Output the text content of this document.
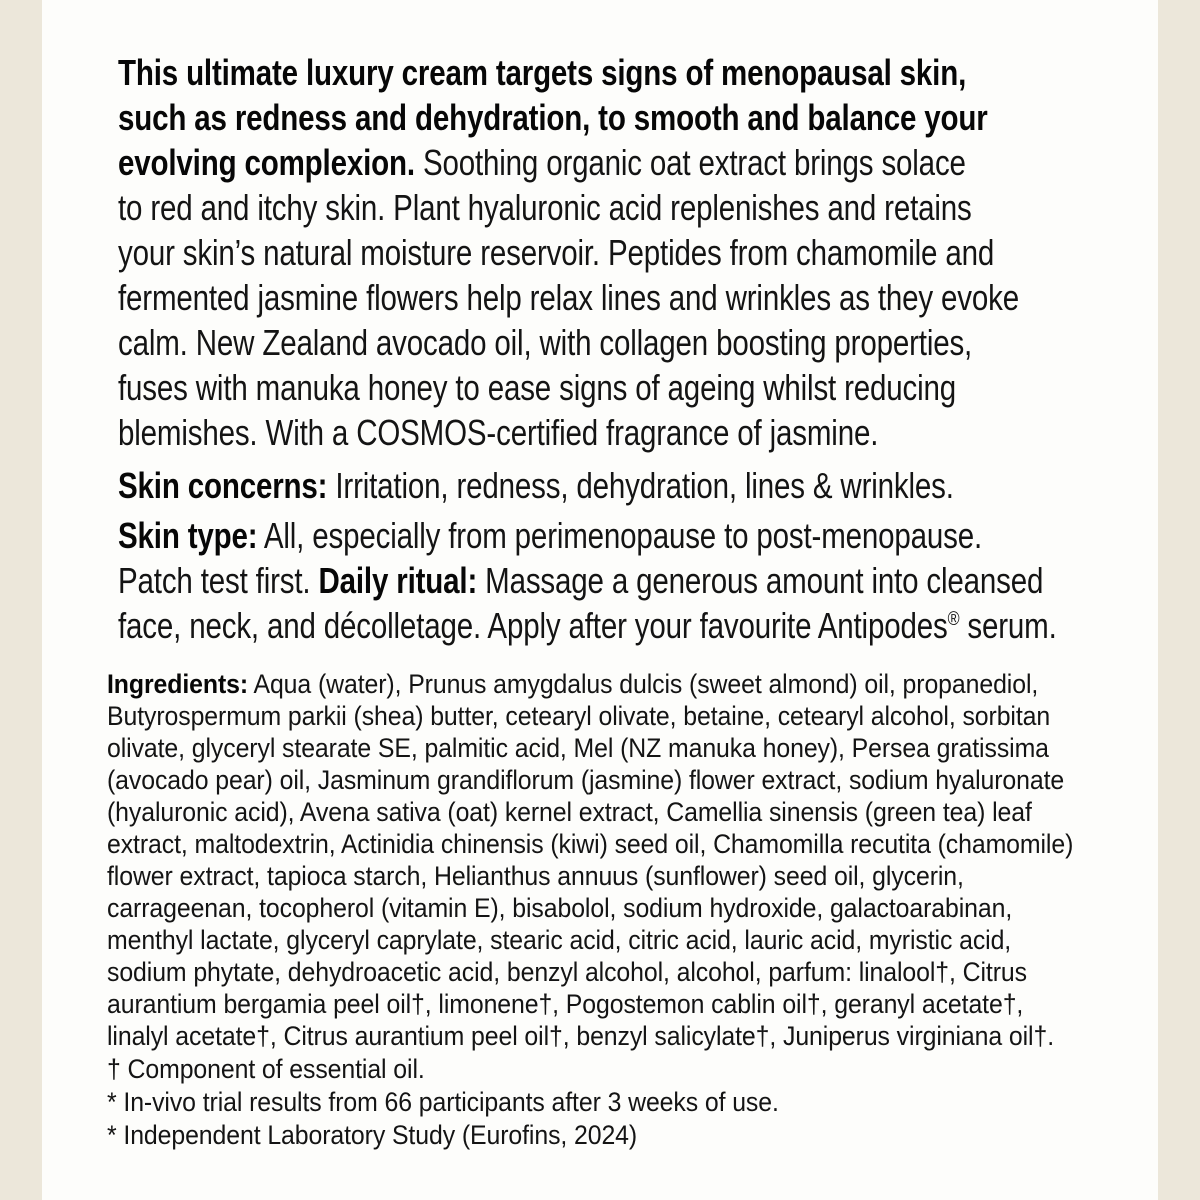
This ultimate luxury cream targets signs of menopausal skin,
such as redness and dehydration, to smooth and balance your
evolving complexion. Soothing organic oat extract brings solace
to red and itchy skin. Plant hyaluronic acid replenishes and retains
your skin’s natural moisture reservoir. Peptides from chamomile and
fermented jasmine flowers help relax lines and wrinkles as they evoke
calm. New Zealand avocado oil, with collagen boosting properties,
fuses with manuka honey to ease signs of ageing whilst reducing
blemishes. With a COSMOS-certified fragrance of jasmine.
Skin concerns: Irritation, redness, dehydration, lines & wrinkles.
Skin type: All, especially from perimenopause to post-menopause.
Patch test first. Daily ritual: Massage a generous amount into cleansed
face, neck, and décolletage. Apply after your favourite Antipodes® serum.
Ingredients: Aqua (water), Prunus amygdalus dulcis (sweet almond) oil, propanediol,
Butyrospermum parkii (shea) butter, cetearyl olivate, betaine, cetearyl alcohol, sorbitan
olivate, glyceryl stearate SE, palmitic acid, Mel (NZ manuka honey), Persea gratissima
(avocado pear) oil, Jasminum grandiflorum (jasmine) flower extract, sodium hyaluronate
(hyaluronic acid), Avena sativa (oat) kernel extract, Camellia sinensis (green tea) leaf
extract, maltodextrin, Actinidia chinensis (kiwi) seed oil, Chamomilla recutita (chamomile)
flower extract, tapioca starch, Helianthus annuus (sunflower) seed oil, glycerin,
carrageenan, tocopherol (vitamin E), bisabolol, sodium hydroxide, galactoarabinan,
menthyl lactate, glyceryl caprylate, stearic acid, citric acid, lauric acid, myristic acid,
sodium phytate, dehydroacetic acid, benzyl alcohol, alcohol, parfum: linalool†, Citrus
aurantium bergamia peel oil†, limonene†, Pogostemon cablin oil†, geranyl acetate†,
linalyl acetate†, Citrus aurantium peel oil†, benzyl salicylate†, Juniperus virginiana oil†.
† Component of essential oil.
* In-vivo trial results from 66 participants after 3 weeks of use.
* Independent Laboratory Study (Eurofins, 2024)
